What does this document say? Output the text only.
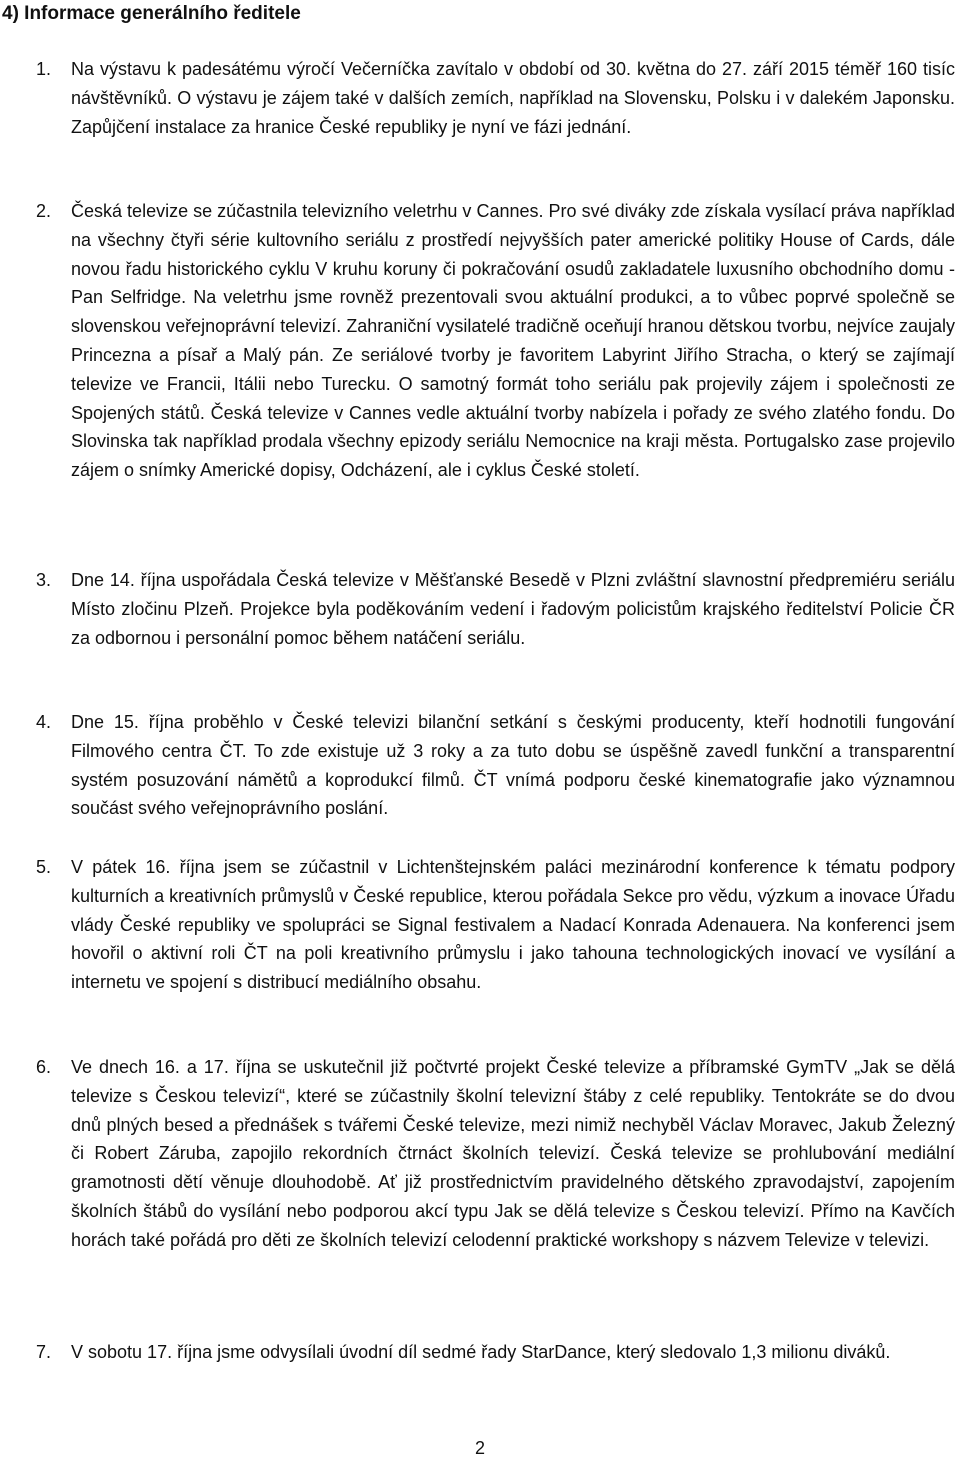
4) Informace generálního ředitele
1.	Na výstavu k padesátému výročí Večerníčka zavítalo v období od 30. května do 27. září 2015 téměř 160 tisíc návštěvníků. O výstavu je zájem také v dalších zemích, například na Slovensku, Polsku i v dalekém Japonsku. Zapůjčení instalace za hranice České republiky je nyní ve fázi jednání.

2.	Česká televize se zúčastnila televizního veletrhu v Cannes. Pro své diváky zde získala vysílací práva například na všechny čtyři série kultovního seriálu z prostředí nejvyšších pater americké politiky House of Cards, dále novou řadu historického cyklu V kruhu koruny či pokračování osudů zakladatele luxusního obchodního domu - Pan Selfridge. Na veletrhu jsme rovněž prezentovali svou aktuální produkci, a to vůbec poprvé společně se slovenskou veřejnoprávní televizí. Zahraniční vysilatelé tradičně oceňují hranou dětskou tvorbu, nejvíce zaujaly Princezna a písař a Malý pán. Ze seriálové tvorby je favoritem Labyrint Jiřího Stracha, o který se zajímají televize ve Francii, Itálii nebo Turecku. O samotný formát toho seriálu pak projevily zájem i společnosti ze Spojených států. Česká televize v Cannes vedle aktuální tvorby nabízela i pořady ze svého zlatého fondu. Do Slovinska tak například prodala všechny epizody seriálu Nemocnice na kraji města. Portugalsko zase projevilo zájem o snímky Americké dopisy, Odcházení, ale i cyklus České století.

3.	Dne 14. října uspořádala Česká televize v Měšťanské Besedě v Plzni zvláštní slavnostní předpremiéru seriálu Místo zločinu Plzeň. Projekce byla poděkováním vedení i řadovým policistům krajského ředitelství Policie ČR za odbornou i personální pomoc během natáčení seriálu.

4.	Dne 15. října proběhlo v České televizi bilanční setkání s českými producenty, kteří hodnotili fungování Filmového centra ČT. To zde existuje už 3 roky a za tuto dobu se úspěšně zavedl funkční a transparentní systém posuzování námětů a koprodukcí filmů. ČT vnímá podporu české kinematografie jako významnou součást svého veřejnoprávního poslání.

5.	V pátek 16. října jsem se zúčastnil v Lichtenštejnském paláci mezinárodní konference k tématu podpory kulturních a kreativních průmyslů v České republice, kterou pořádala Sekce pro vědu, výzkum a inovace Úřadu vlády České republiky ve spolupráci se Signal festivalem a Nadací Konrada Adenauera. Na konferenci jsem hovořil o aktivní roli ČT na poli kreativního průmyslu i jako tahouna technologických inovací ve vysílání a internetu ve spojení s distribucí mediálního obsahu.

6.	Ve dnech 16. a 17. října se uskutečnil již počtvrté projekt České televize a příbramské GymTV „Jak se dělá televize s Českou televizí“, které se zúčastnily školní televizní štáby z celé republiky. Tentokráte se do dvou dnů plných besed a přednášek s tvářemi České televize, mezi nimiž nechyběl Václav Moravec, Jakub Železný či Robert Záruba, zapojilo rekordních čtrnáct školních televizí. Česká televize se prohlubování mediální gramotnosti dětí věnuje dlouhodobě. Ať již prostřednictvím pravidelného dětského zpravodajství, zapojením školních štábů do vysílání nebo podporou akcí typu Jak se dělá televize s Českou televizí. Přímo na Kavčích horách také pořádá pro děti ze školních televizí celodenní praktické workshopy s názvem Televize v televizi.

7.	V sobotu 17. října jsme odvysílali úvodní díl sedmé řady StarDance, který sledovalo 1,3 milionu diváků.

2
